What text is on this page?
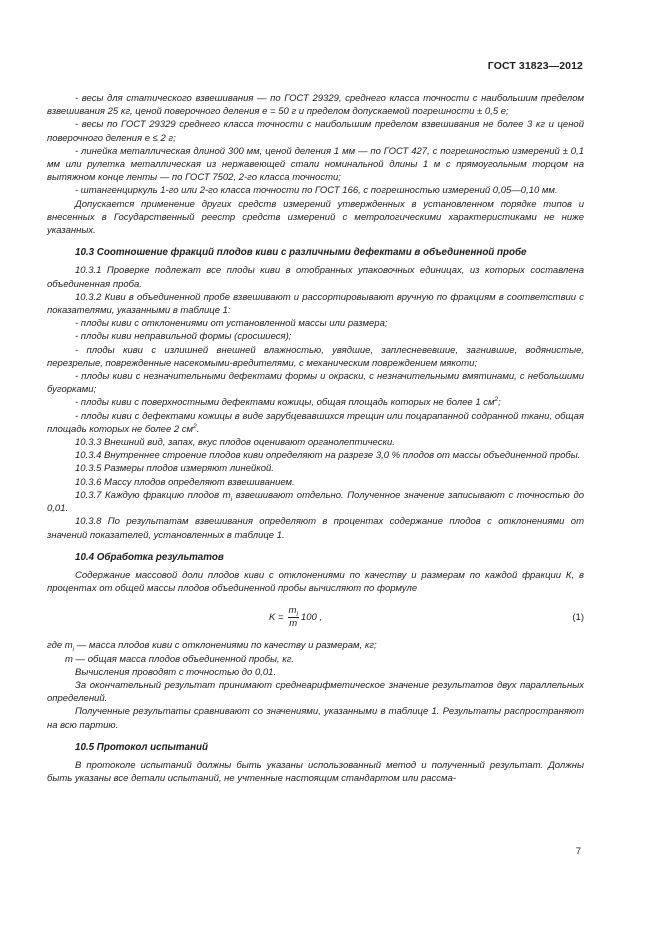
ГОСТ 31823—2012

- весы для статического взвешивания — по ГОСТ 29329, среднего класса точности с наибольшим пределом взвешивания 25 кг, ценой поверочного деления е = 50 г и пределом допускаемой погрешности ± 0,5 е;

- весы по ГОСТ 29329 среднего класса точности с наибольшим пределом взвешивания не более 3 кг и ценой поверочного деления е ≤ 2 г;

- линейка металлическая длиной 300 мм, ценой деления 1 мм — по ГОСТ 427, с погрешностью измерений ± 0,1 мм или рулетка металлическая из нержавеющей стали номинальной длины 1 м с прямоугольным торцом на вытяжном конце ленты — по ГОСТ 7502, 2-го класса точности;

- штангенциркуль 1-го или 2-го класса точности по ГОСТ 166, с погрешностью измерений 0,05—0,10 мм.

Допускается применение других средств измерений утвержденных в установленном порядке типов и внесенных в Государственный реестр средств измерений с метрологическими характеристиками не ниже указанных.

10.3 Соотношение фракций плодов киви с различными дефектами в объединенной пробе

10.3.1 Проверке подлежат все плоды киви в отобранных упаковочных единицах, из которых составлена объединенная проба.

10.3.2 Киви в объединенной пробе взвешивают и рассортировывают вручную по фракциям в соответствии с показателями, указанными в таблице 1:

- плоды киви с отклонениями от установленной массы или размера;

- плоды киви неправильной формы (сросшиеся);

- плоды киви с излишней внешней влажностью, увядшие, заплесневевшие, загнившие, водянистые, перезрелые, поврежденные насекомыми-вредителями, с механическим повреждением мякоти;

- плоды киви с незначительными дефектами формы и окраски, с незначительными вмятинами, с небольшими бугорками;

- плоды киви с поверхностными дефектами кожицы, общая площадь которых не более 1 $см^2$;

- плоды киви с дефектами кожицы в виде зарубцевавшихся трещин или поцарапанной содранной ткани, общая площадь которых не более 2 $см^2$.

10.3.3 Внешний вид, запах, вкус плодов оценивают органолептически.

10.3.4 Внутреннее строение плодов киви определяют на разрезе 3,0 % плодов от массы объединенной пробы.

10.3.5 Размеры плодов измеряют линейкой.

10.3.6 Массу плодов определяют взвешиванием.

10.3.7 Каждую фракцию плодов $m_i$ взвешивают отдельно. Полученное значение записывают с точностью до 0,01.

10.3.8 По результатам взвешивания определяют в процентах содержание плодов с отклонениями от значений показателей, установленных в таблице 1.

10.4 Обработка результатов

Содержание массовой доли плодов киви с отклонениями по качеству и размерам по каждой фракции К, в процентах от общей массы плодов объединенной пробы вычисляют по формуле

$K = \frac{m_i}{m} 100$ ,	(1)

где $m_i$ — масса плодов киви с отклонениями по качеству и размерам, кг;

m — общая масса плодов объединенной пробы, кг.

Вычисления проводят с точностью до 0,01.

За окончательный результат принимают среднеарифметическое значение результатов двух параллельных определений.

Полученные результаты сравнивают со значениями, указанными в таблице 1. Результаты распространяют на всю партию.

10.5 Протокол испытаний

В протоколе испытаний должны быть указаны использованный метод и полученный результат. Должны быть указаны все детали испытаний, не учтенные настоящим стандартом или рассма-

7
